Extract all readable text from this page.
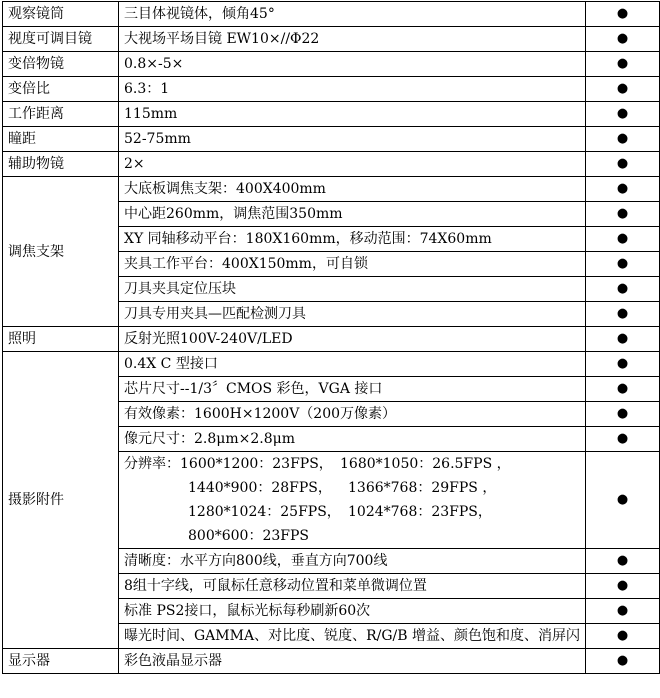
观察镜筒	三目体视镜体，倾角45°	●
视度可调目镜	大视场平场目镜 EW10×//Φ22	●
变倍物镜	0.8×-5×	●
变倍比	6.3：1	●
工作距离	115mm	●
瞳距	52-75mm	●
辅助物镜	2×	●
调焦支架	大底板调焦支架：400X400mm	●
	中心距260mm，调焦范围350mm	●
	XY 同轴移动平台：180X160mm，移动范围：74X60mm	●
	夹具工作平台：400X150mm，可自锁	●
	刀具夹具定位压块	●
	刀具专用夹具—匹配检测刀具	●
照明	反射光照100V-240V/LED	●
摄影附件	0.4X C 型接口	●
	芯片尺寸--1/3〞CMOS 彩色，VGA 接口	●
	有效像素：1600H×1200V（200万像素）	●
	像元尺寸：2.8μm×2.8μm	●

	分辨率：1600*1200：23FPS， 1680*1050：26.5FPS ，
1440*900：28FPS， 1366*768：29FPS ，
1280*1024：25FPS， 1024*768：23FPS，
800*600：23FPS	●
	清晰度：水平方向800线，垂直方向700线	●
	8组十字线，可鼠标任意移动位置和菜单微调位置	●
	标准 PS2接口，鼠标光标每秒刷新60次	●
	曝光时间、GAMMA、对比度、锐度、R/G/B 增益、颜色饱和度、消屏闪	●
显示器	彩色液晶显示器	●
